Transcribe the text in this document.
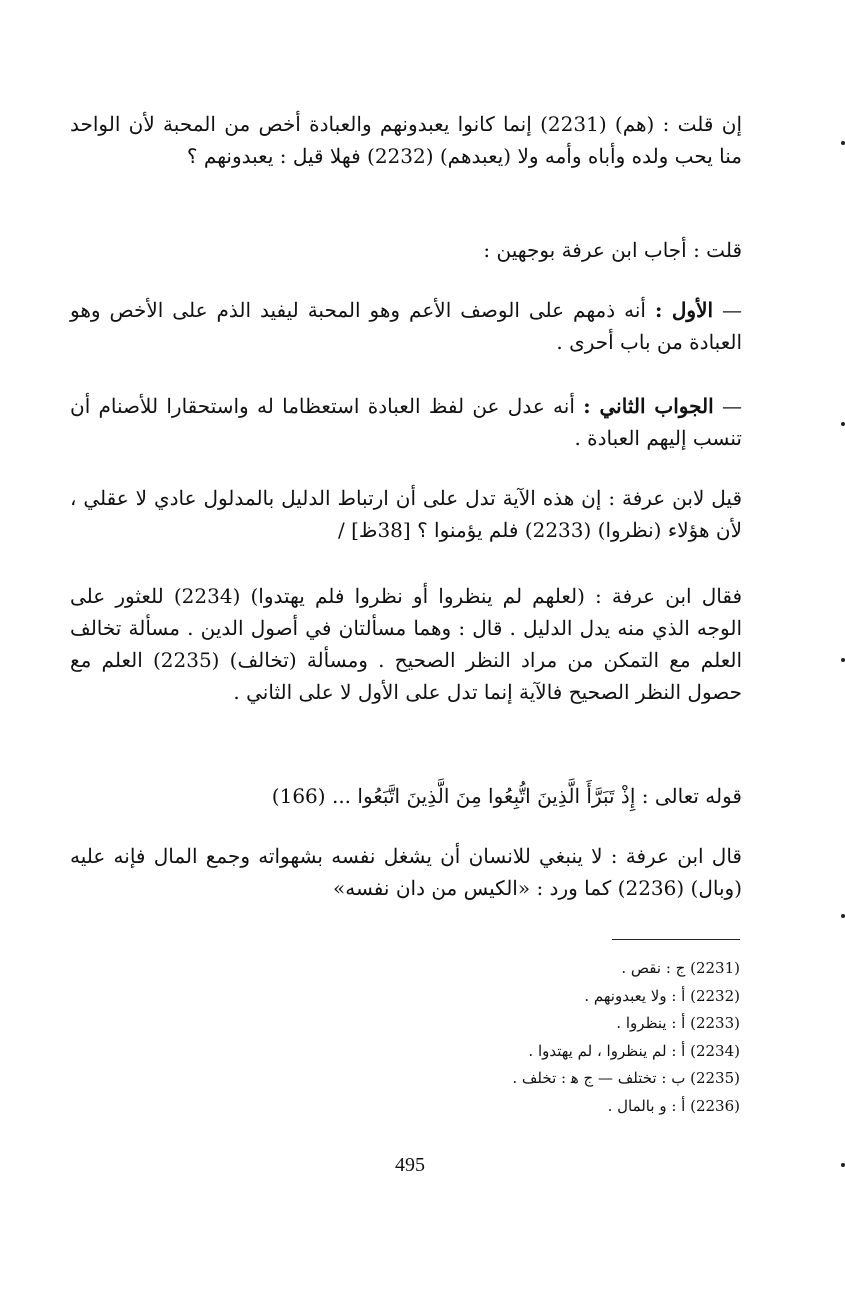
إن قلت : (هم) (2231) إنما كانوا يعبدونهم والعبادة أخص من المحبة لأن الواحد منا يحب ولده وأباه وأمه ولا (يعبدهم) (2232) فهلا قيل : يعبدونهم ؟

قلت : أجاب ابن عرفة بوجهين :

— الأول : أنه ذمهم على الوصف الأعم وهو المحبة ليفيد الذم على الأخص وهو العبادة من باب أحرى .

— الجواب الثاني : أنه عدل عن لفظ العبادة استعظاما له واستحقارا للأصنام أن تنسب إليهم العبادة .

قيل لابن عرفة : إن هذه الآية تدل على أن ارتباط الدليل بالمدلول عادي لا عقلي ، لأن هؤلاء (نظروا) (2233) فلم يؤمنوا ؟ [38ظ] /

فقال ابن عرفة : (لعلهم لم ينظروا أو نظروا فلم يهتدوا) (2234) للعثور على الوجه الذي منه يدل الدليل . قال : وهما مسألتان في أصول الدين . مسألة تخالف العلم مع التمكن من مراد النظر الصحيح . ومسألة (تخالف) (2235) العلم مع حصول النظر الصحيح فالآية إنما تدل على الأول لا على الثاني .

قوله تعالى : إِذْ تَبَرَّأَ الَّذِينَ اتُّبِعُوا مِنَ الَّذِينَ اتَّبَعُوا ... (166)

قال ابن عرفة : لا ينبغي للانسان أن يشغل نفسه بشهواته وجمع المال فإنه عليه (وبال) (2236) كما ورد : «الكيس من دان نفسه»

(2231) ج : نقص .
(2232) أ : ولا يعبدونهم .
(2233) أ : ينظروا .
(2234) أ : لم ينظروا ، لم يهتدوا .
(2235) ب : تختلف — ج ﻫ : تخلف .
(2236) أ : و بالمال .
495
